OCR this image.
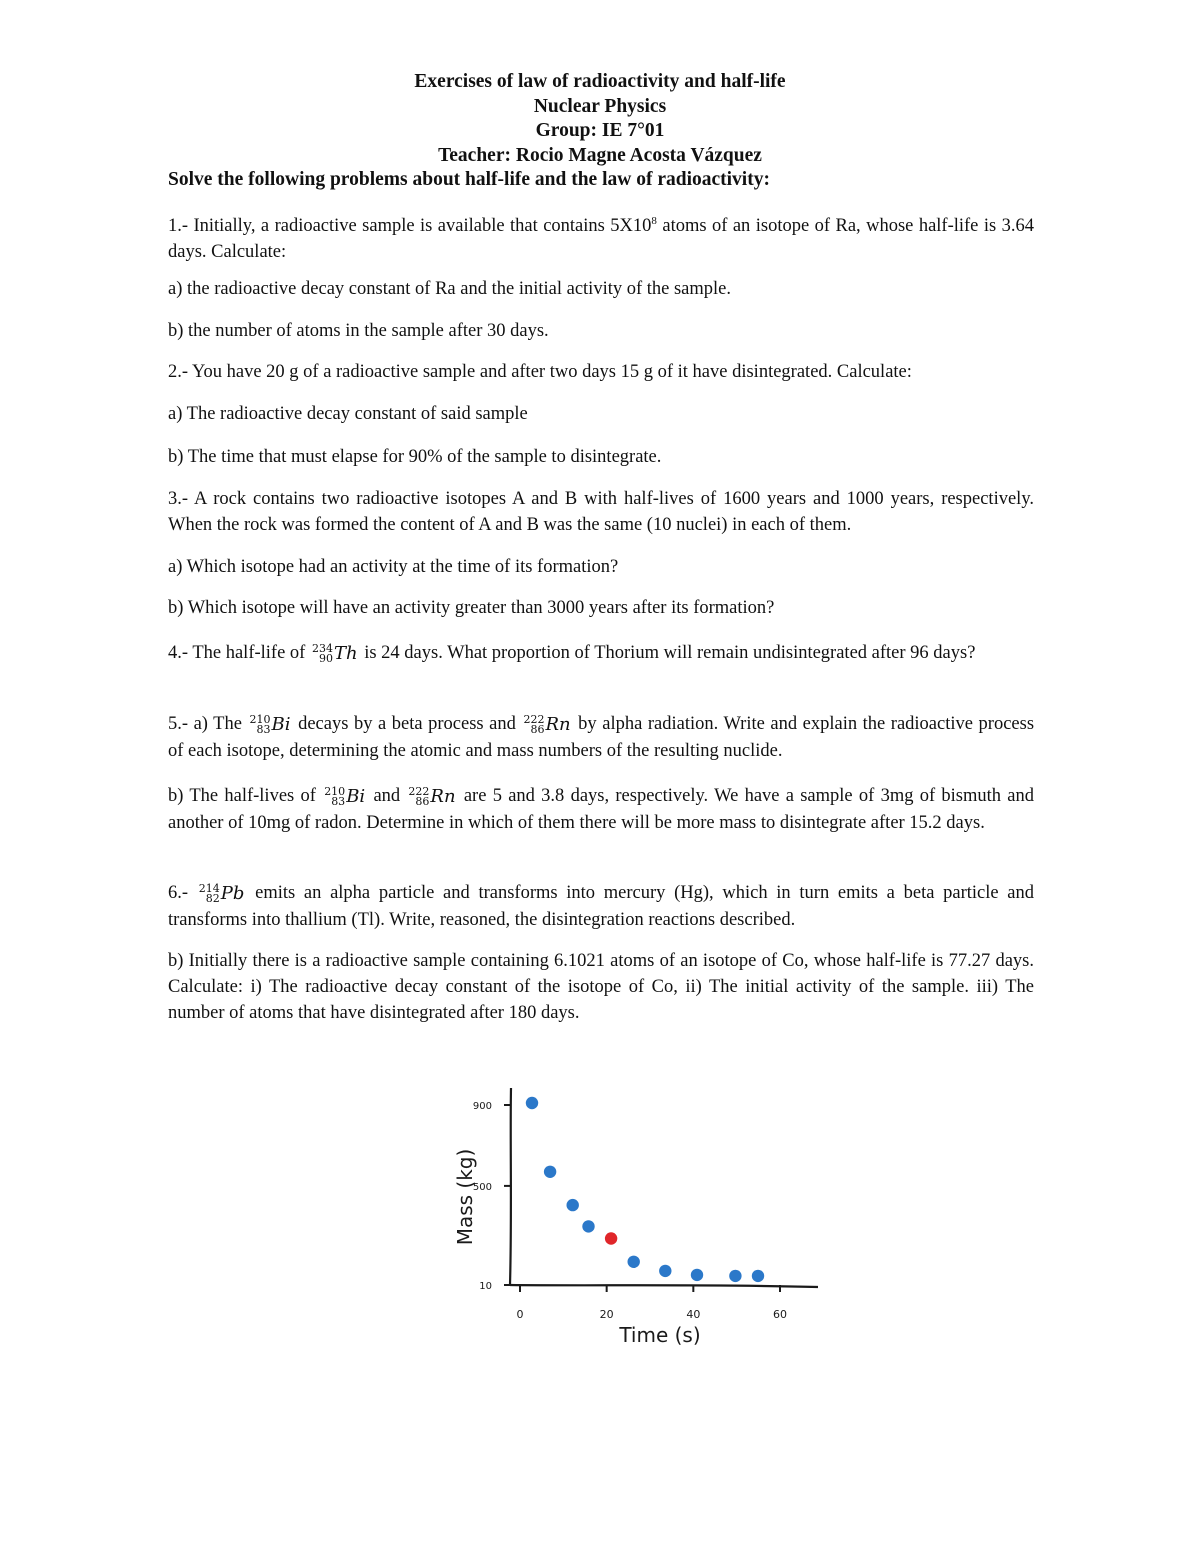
Exercises of law of radioactivity and half-life
Nuclear Physics
Group: IE 7°01
Teacher: Rocio Magne Acosta Vázquez
Solve the following problems about half-life and the law of radioactivity:

1.- Initially, a radioactive sample is available that contains $5X10^8$ atoms of an isotope of Ra, whose half-life is 3.64 days. Calculate:

a) the radioactive decay constant of Ra and the initial activity of the sample.

b) the number of atoms in the sample after 30 days.

2.- You have 20 g of a radioactive sample and after two days 15 g of it have disintegrated. Calculate:

a) The radioactive decay constant of said sample

b) The time that must elapse for 90% of the sample to disintegrate.

3.- A rock contains two radioactive isotopes A and B with half-lives of 1600 years and 1000 years, respectively. When the rock was formed the content of A and B was the same (10 nuclei) in each of them.

a) Which isotope had an activity at the time of its formation?

b) Which isotope will have an activity greater than 3000 years after its formation?

4.- The half-life of 234
90 Th is 24 days. What proportion of Thorium will remain undisintegrated after 96 days?

5.- a) The 210
83 Bi decays by a beta process and 222
86 Rn by alpha radiation. Write and explain the radioactive process of each isotope, determining the atomic and mass numbers of the resulting nuclide.

b) The half-lives of 210
83 Bi and 222
86 Rn are 5 and 3.8 days, respectively. We have a sample of 3mg of bismuth and another of 10mg of radon. Determine in which of them there will be more mass to disintegrate after 15.2 days.

6.- 214
82 Pb emits an alpha particle and transforms into mercury (Hg), which in turn emits a beta particle and transforms into thallium (Tl). Write, reasoned, the disintegration reactions described.

b) Initially there is a radioactive sample containing 6.1021 atoms of an isotope of Co, whose half-life is 77.27 days. Calculate: i) The radioactive decay constant of the isotope of Co, ii) The initial activity of the sample. iii) The number of atoms that have disintegrated after 180 days.

0	20	40	60
10
500
900
Time (s)
Mass (kg)
